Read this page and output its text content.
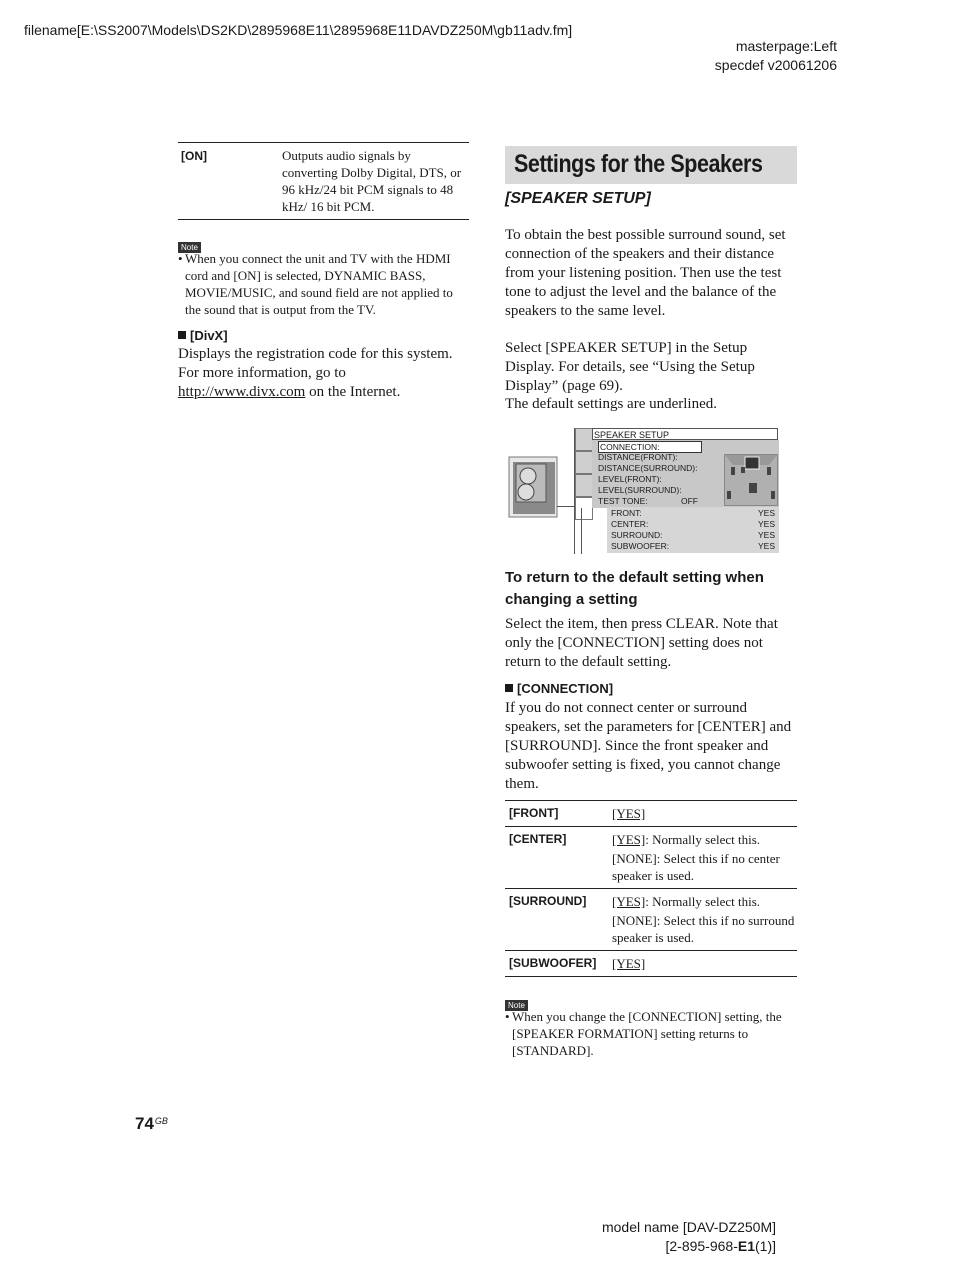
filename[E:\SS2007\Models\DS2KD\2895968E11\2895968E11DAVDZ250M\gb11adv.fm]
masterpage:Left
specdef v20061206
[ON]	Outputs audio signals by converting Dolby Digital, DTS, or 96 kHz/24 bit PCM signals to 48 kHz/ 16 bit PCM.
Note
• When you connect the unit and TV with the HDMI cord and [ON] is selected, DYNAMIC BASS, MOVIE/MUSIC, and sound field are not applied to the sound that is output from the TV.
[DivX]
Displays the registration code for this system. For more information, go to http://www.divx.com on the Internet.
Settings for the Speakers
[SPEAKER SETUP]
To obtain the best possible surround sound, set connection of the speakers and their distance from your listening position. Then use the test tone to adjust the level and the balance of the speakers to the same level.
Select [SPEAKER SETUP] in the Setup Display. For details, see “Using the Setup Display” (page 69).
The default settings are underlined.
SPEAKER SETUP
CONNECTION:
DISTANCE(FRONT):
DISTANCE(SURROUND):
LEVEL(FRONT):
LEVEL(SURROUND):
TEST TONE:	OFF
FRONT:	YES
CENTER:	YES
SURROUND:	YES
SUBWOOFER:	YES
To return to the default setting when changing a setting
Select the item, then press CLEAR. Note that only the [CONNECTION] setting does not return to the default setting.
[CONNECTION]
If you do not connect center or surround speakers, set the parameters for [CENTER] and [SURROUND]. Since the front speaker and subwoofer setting is fixed, you cannot change them.
[FRONT]	[YES]
[CENTER]	[YES]: Normally select this.
[NONE]: Select this if no center speaker is used.
[SURROUND] [YES]: Normally select this.
[NONE]: Select this if no surround speaker is used.
[SUBWOOFER] [YES]
Note
• When you change the [CONNECTION] setting, the [SPEAKER FORMATION] setting returns to [STANDARD].
$74^{GB}$
model name [DAV-DZ250M]
[2-895-968-E1(1)]
